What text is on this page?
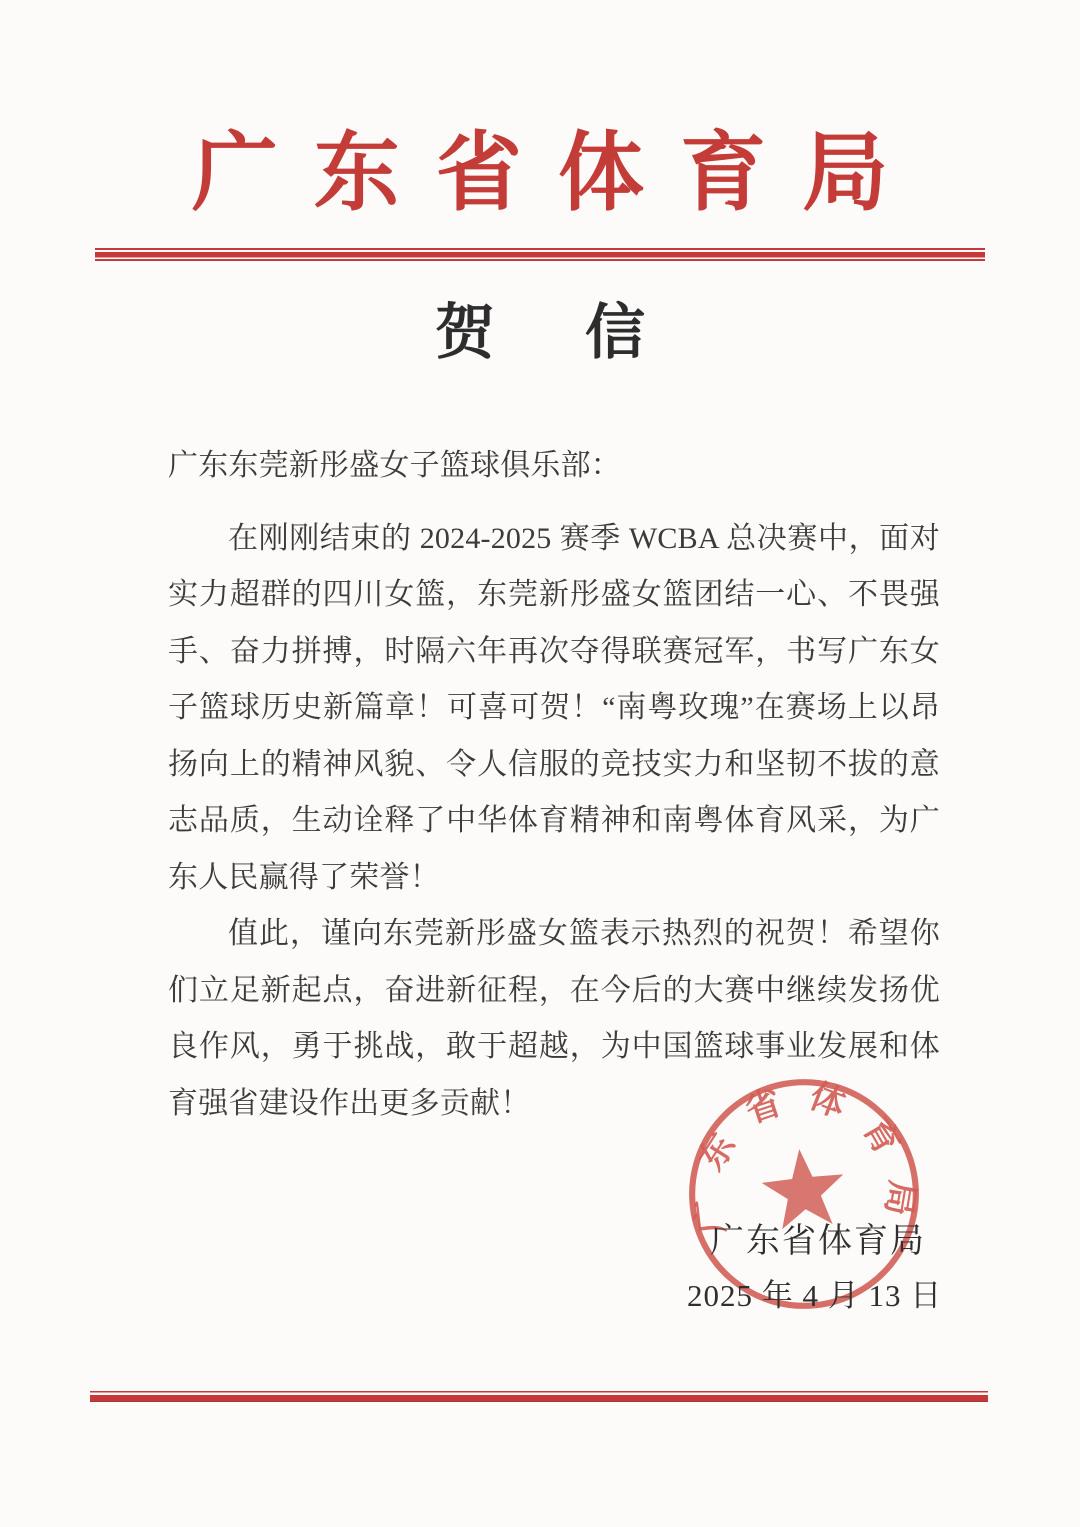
广东省体育局
贺信

广东东莞新彤盛女子篮球俱乐部：

在刚刚结束的 2024-2025 赛季 WCBA 总决赛中，面对实力超群的四川女篮，东莞新彤盛女篮团结一心、不畏强手、奋力拼搏，时隔六年再次夺得联赛冠军，书写广东女子篮球历史新篇章！可喜可贺！“南粤玫瑰”在赛场上以昂扬向上的精神风貌、令人信服的竞技实力和坚韧不拔的意志品质，生动诠释了中华体育精神和南粤体育风采，为广东人民赢得了荣誉！

值此，谨向东莞新彤盛女篮表示热烈的祝贺！希望你们立足新起点，奋进新征程，在今后的大赛中继续发扬优良作风，勇于挑战，敢于超越，为中国篮球事业发展和体育强省建设作出更多贡献！

广东省体育局
广东省体育局
2025 年 4 月 13 日
